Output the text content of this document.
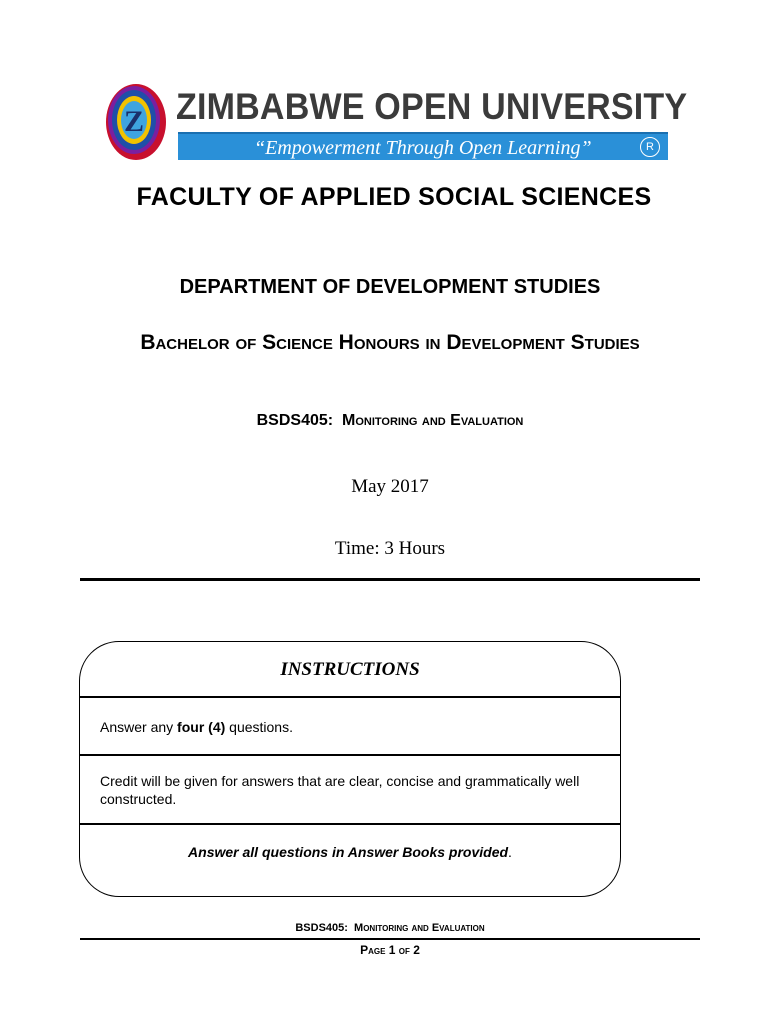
Z ZIMBABWE OPEN UNIVERSITY
“Empowerment Through Open Learning”	R
FACULTY OF APPLIED SOCIAL SCIENCES
DEPARTMENT OF DEVELOPMENT STUDIES
Bachelor of Science Honours in Development Studies
BSDS405: Monitoring and Evaluation
May 2017
Time: 3 Hours
INSTRUCTIONS
Answer any four (4) questions.
Credit will be given for answers that are clear, concise and grammatically well constructed.
Answer all questions in Answer Books provided.
BSDS405: Monitoring and Evaluation
Page 1 of 2
